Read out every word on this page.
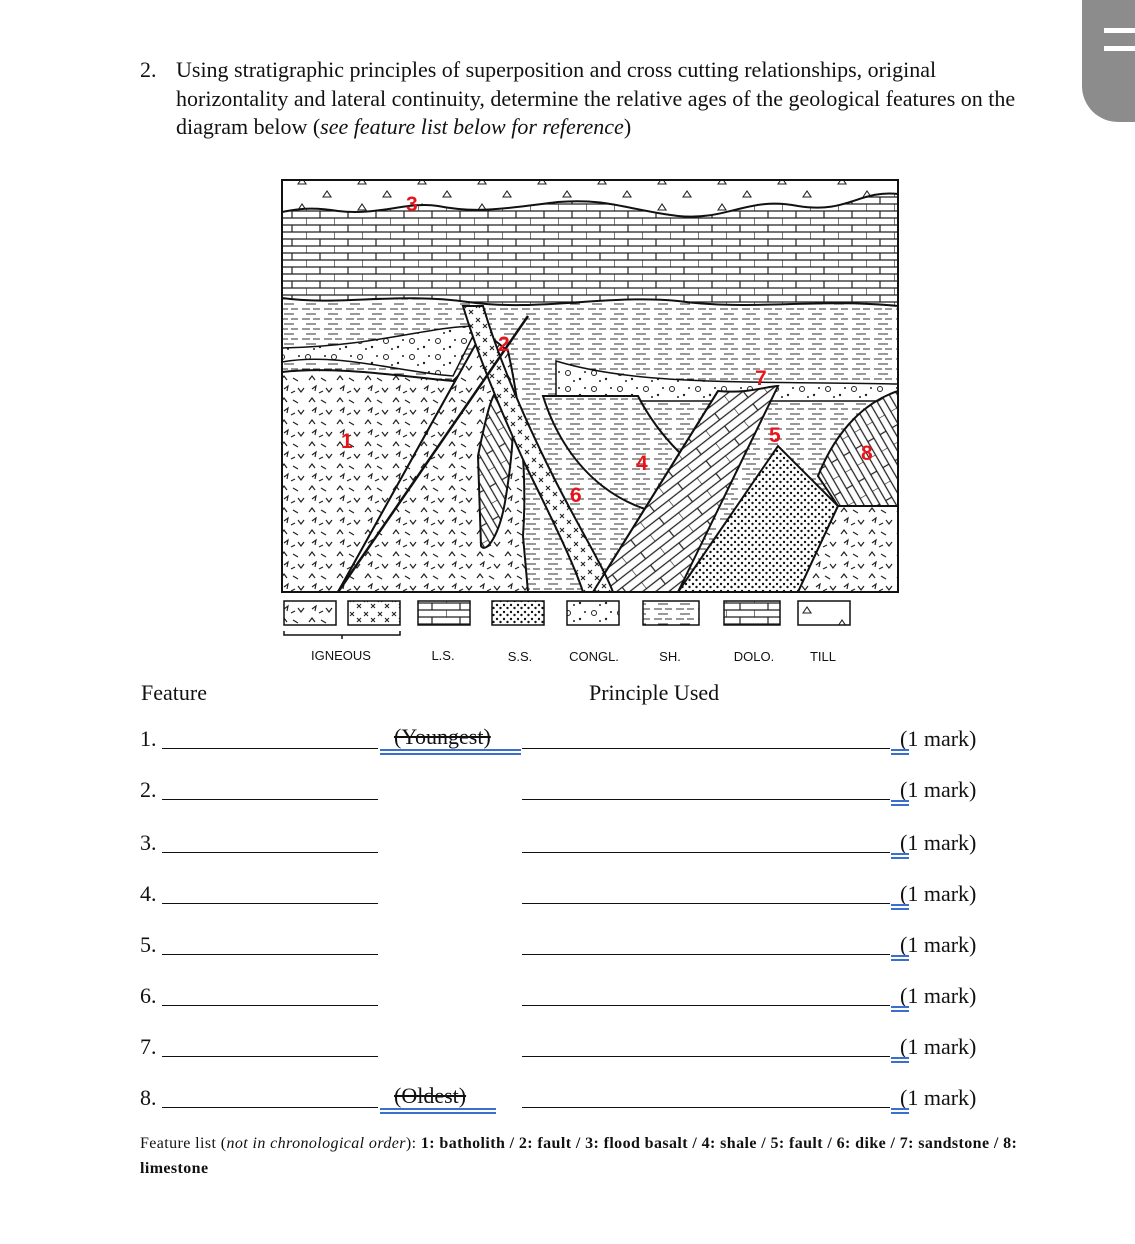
2. Using stratigraphic principles of superposition and cross cutting relationships, original horizontality and lateral continuity, determine the relative ages of the geological features on the diagram below (see feature list below for reference)
1
2
3
4
5
6
7
8
IGNEOUS	L.S.	S.S.	CONGL.	SH.	DOLO.	TILL
Feature	Principle Used
1.	(Youngest)	(1 mark)
2.	(1 mark)
3.	(1 mark)
4.	(1 mark)
5.	(1 mark)
6.	(1 mark)
7.	(1 mark)
8.	(Oldest)	(1 mark)
Feature list (not in chronological order): 1: batholith / 2: fault / 3: flood basalt / 4: shale / 5: fault / 6: dike / 7: sandstone / 8: limestone
